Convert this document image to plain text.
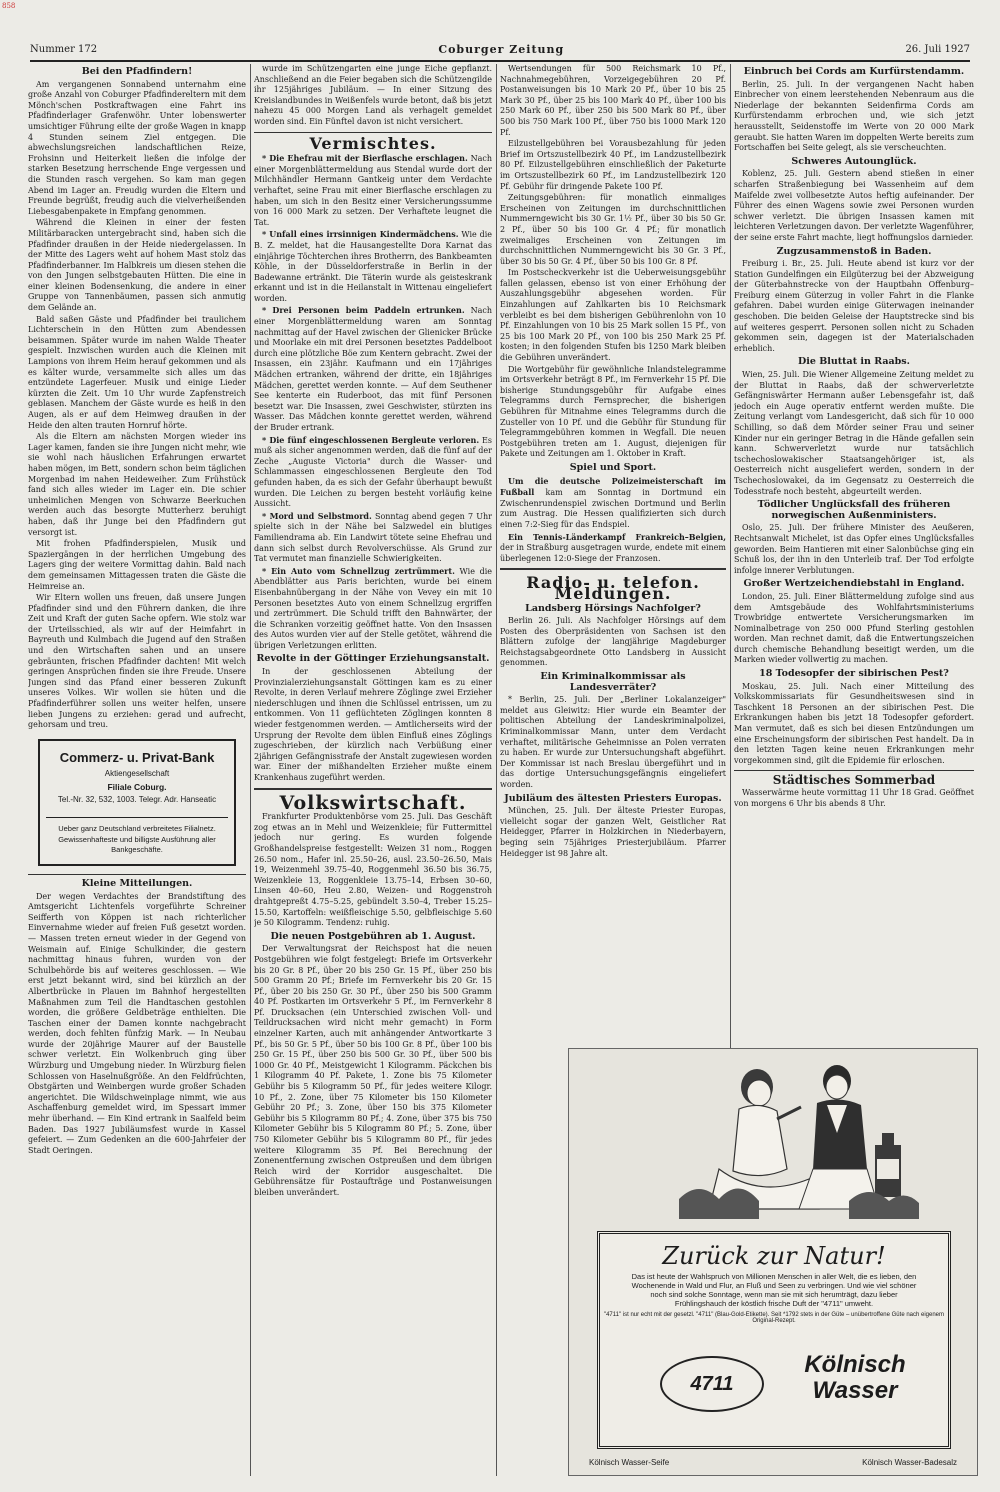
858
Nummer 172	Coburger Zeitung	26. Juli 1927
Bei den Pfadfindern!

Am vergangenen Sonnabend unternahm eine große Anzahl von Coburger Pfadfindereltern mit dem Mönch'schen Postkraftwagen eine Fahrt ins Pfadfinderlager Grafenwöhr. Unter lobenswerter umsichtiger Führung eilte der große Wagen in knapp 4 Stunden seinem Ziel entgegen. Die abwechslungsreichen landschaftlichen Reize, Frohsinn und Heiterkeit ließen die infolge der starken Besetzung herrschende Enge vergessen und die Stunden rasch vergehen. So kam man gegen Abend im Lager an. Freudig wurden die Eltern und Freunde begrüßt, freudig auch die vielverheißenden Liebesgabenpakete in Empfang genommen.

Während die Kleinen in einer der festen Militärbaracken untergebracht sind, haben sich die Pfadfinder draußen in der Heide niedergelassen. In der Mitte des Lagers weht auf hohem Mast stolz das Pfadfinderbanner. Im Halbkreis um diesen stehen die von den Jungen selbstgebauten Hütten. Die eine in einer kleinen Bodensenkung, die andere in einer Gruppe von Tannenbäumen, passen sich anmutig dem Gelände an.

Bald saßen Gäste und Pfadfinder bei traulichem Lichterschein in den Hütten zum Abendessen beisammen. Später wurde im nahen Walde Theater gespielt. Inzwischen wurden auch die Kleinen mit Lampions von ihrem Heim herauf gekommen und als es kälter wurde, versammelte sich alles um das entzündete Lagerfeuer. Musik und einige Lieder kürzten die Zeit. Um 10 Uhr wurde Zapfenstreich geblasen. Manchem der Gäste wurde es heiß in den Augen, als er auf dem Heimweg draußen in der Heide den alten trauten Hornruf hörte.

Als die Eltern am nächsten Morgen wieder ins Lager kamen, fanden sie ihre Jungen nicht mehr, wie sie wohl nach häuslichen Erfahrungen erwartet haben mögen, im Bett, sondern schon beim täglichen Morgenbad im nahen Heideweiher. Zum Frühstück fand sich alles wieder im Lager ein. Die schier unheimlichen Mengen von Schwarze Beerkuchen werden auch das besorgte Mutterherz beruhigt haben, daß ihr Junge bei den Pfadfindern gut versorgt ist.

Mit frohen Pfadfinderspielen, Musik und Spaziergängen in der herrlichen Umgebung des Lagers ging der weitere Vormittag dahin. Bald nach dem gemeinsamen Mittagessen traten die Gäste die Heimreise an.

Wir Eltern wollen uns freuen, daß unsere Jungen Pfadfinder sind und den Führern danken, die ihre Zeit und Kraft der guten Sache opfern. Wie stolz war der Urteilsschied, als wir auf der Heimfahrt in Bayreuth und Kulmbach die Jugend auf den Straßen und den Wirtschaften sahen und an unsere gebräunten, frischen Pfadfinder dachten! Mit welch geringen Ansprüchen finden sie ihre Freude. Unsere Jungen sind das Pfand einer besseren Zukunft unseres Volkes. Wir wollen sie hüten und die Pfadfinderführer sollen uns weiter helfen, unsere lieben Jungens zu erziehen: gerad und aufrecht, gehorsam und treu.

Commerz- u. Privat-Bank
Aktiengesellschaft
Filiale Coburg.
Tel.-Nr. 32, 532, 1003. Telegr. Adr. Hanseatic
Ueber ganz Deutschland verbreitetes Filialnetz. Gewissenhafteste und billigste Ausführung aller Bankgeschäfte.
Kleine Mitteilungen.

Der wegen Verdachtes der Brandstiftung des Amtsgericht Lichtenfels vorgeführte Schreiner Seifferth von Köppen ist nach richterlicher Einvernahme wieder auf freien Fuß gesetzt worden. — Massen treten erneut wieder in der Gegend von Weismain auf. Einige Schulkinder, die gestern nachmittag hinaus fuhren, wurden von der Schulbehörde bis auf weiteres geschlossen. — Wie erst jetzt bekannt wird, sind bei kürzlich an der Albertbrücke in Plauen im Bahnhof hergestellten Maßnahmen zum Teil die Handtaschen gestohlen worden, die größere Geldbeträge enthielten. Die Taschen einer der Damen konnte nachgebracht werden, doch fehlten fünfzig Mark. — In Neubau wurde der 20jährige Maurer auf der Baustelle schwer verletzt. Ein Wolkenbruch ging über Würzburg und Umgebung nieder. In Würzburg fielen Schlossen von Haselnußgröße. An den Feldfrüchten, Obstgärten und Weinbergen wurde großer Schaden angerichtet. Die Wildschweinplage nimmt, wie aus Aschaffenburg gemeldet wird, im Spessart immer mehr überhand. — Ein Kind ertrank in Saalfeld beim Baden. Das 1927 Jubiläumsfest wurde in Kassel gefeiert. — Zum Gedenken an die 600-Jahrfeier der Stadt Oeringen.

wurde im Schützengarten eine junge Eiche gepflanzt. Anschließend an die Feier begaben sich die Schützengilde ihr 125jähriges Jubiläum. — In einer Sitzung des Kreislandbundes in Weißenfels wurde betont, daß bis jetzt nahezu 45 000 Morgen Land als verhagelt gemeldet worden sind. Ein Fünftel davon ist nicht versichert.

Vermischtes.

* Die Ehefrau mit der Bierflasche erschlagen. Nach einer Morgenblättermeldung aus Stendal wurde dort der Milchhändler Hermann Gantkeig unter dem Verdachte verhaftet, seine Frau mit einer Bierflasche erschlagen zu haben, um sich in den Besitz einer Versicherungssumme von 16 000 Mark zu setzen. Der Verhaftete leugnet die Tat.

* Unfall eines irrsinnigen Kindermädchens. Wie die B. Z. meldet, hat die Hausangestellte Dora Karnat das einjährige Töchterchen ihres Brotherrn, des Bankbeamten Köhle, in der Düsseldorferstraße in Berlin in der Badewanne ertränkt. Die Täterin wurde als geisteskrank erkannt und ist in die Heilanstalt in Wittenau eingeliefert worden.

* Drei Personen beim Paddeln ertrunken. Nach einer Morgenblättermeldung waren am Sonntag nachmittag auf der Havel zwischen der Glienicker Brücke und Moorlake ein mit drei Personen besetztes Paddelboot durch eine plötzliche Böe zum Kentern gebracht. Zwei der Insassen, ein 23jähr. Kaufmann und ein 17jähriges Mädchen ertranken, während der dritte, ein 18jähriges Mädchen, gerettet werden konnte. — Auf dem Seuthener See kenterte ein Ruderboot, das mit fünf Personen besetzt war. Die Insassen, zwei Geschwister, stürzten ins Wasser. Das Mädchen konnte gerettet werden, während der Bruder ertrank.

* Die fünf eingeschlossenen Bergleute verloren. Es muß als sicher angenommen werden, daß die fünf auf der Zeche „Auguste Victoria" durch die Wasser- und Schlammassen eingeschlossenen Bergleute den Tod gefunden haben, da es sich der Gefahr überhaupt bewußt wurden. Die Leichen zu bergen besteht vorläufig keine Aussicht.

* Mord und Selbstmord. Sonntag abend gegen 7 Uhr spielte sich in der Nähe bei Salzwedel ein blutiges Familiendrama ab. Ein Landwirt tötete seine Ehefrau und dann sich selbst durch Revolverschüsse. Als Grund zur Tat vermutet man finanzielle Schwierigkeiten.

* Ein Auto vom Schnellzug zertrümmert. Wie die Abendblätter aus Paris berichten, wurde bei einem Eisenbahnübergang in der Nähe von Vevey ein mit 10 Personen besetztes Auto von einem Schnellzug ergriffen und zertrümmert. Die Schuld trifft den Bahnwärter, der die Schranken vorzeitig geöffnet hatte. Von den Insassen des Autos wurden vier auf der Stelle getötet, während die übrigen Verletzungen erlitten.

Revolte in der Göttinger Erziehungsanstalt.

In der geschlossenen Abteilung der Provinzialerziehungsanstalt Göttingen kam es zu einer Revolte, in deren Verlauf mehrere Zöglinge zwei Erzieher niederschlugen und ihnen die Schlüssel entrissen, um zu entkommen. Von 11 geflüchteten Zöglingen konnten 8 wieder festgenommen werden. — Amtlicherseits wird der Ursprung der Revolte dem üblen Einfluß eines Zöglings zugeschrieben, der kürzlich nach Verbüßung einer 2jährigen Gefängnisstrafe der Anstalt zugewiesen worden war. Einer der mißhandelten Erzieher mußte einem Krankenhaus zugeführt werden.

Volkswirtschaft.

Frankfurter Produktenbörse vom 25. Juli. Das Geschäft zog etwas an in Mehl und Weizenkleie; für Futtermittel jedoch nur gering. Es wurden folgende Großhandelspreise festgestellt: Weizen 31 nom., Roggen 26.50 nom., Hafer inl. 25.50–26, ausl. 23.50–26.50, Mais 19, Weizenmehl 39.75–40, Roggenmehl 36.50 bis 36.75, Weizenkleie 13, Roggenkleie 13.75–14, Erbsen 30–60, Linsen 40–60, Heu 2.80, Weizen- und Roggenstroh drahtgepreßt 4.75–5.25, gebündelt 3.50–4, Treber 15.25–15.50, Kartoffeln: weißfleischige 5.50, gelbfleischige 5.60 je 50 Kilogramm. Tendenz: ruhig.

Die neuen Postgebühren ab 1. August.

Der Verwaltungsrat der Reichspost hat die neuen Postgebühren wie folgt festgelegt: Briefe im Ortsverkehr bis 20 Gr. 8 Pf., über 20 bis 250 Gr. 15 Pf., über 250 bis 500 Gramm 20 Pf.; Briefe im Fernverkehr bis 20 Gr. 15 Pf., über 20 bis 250 Gr. 30 Pf., über 250 bis 500 Gramm 40 Pf. Postkarten im Ortsverkehr 5 Pf., im Fernverkehr 8 Pf. Drucksachen (ein Unterschied zwischen Voll- und Teildrucksachen wird nicht mehr gemacht) in Form einzelner Karten, auch mit anhängender Antwortkarte 3 Pf., bis 50 Gr. 5 Pf., über 50 bis 100 Gr. 8 Pf., über 100 bis 250 Gr. 15 Pf., über 250 bis 500 Gr. 30 Pf., über 500 bis 1000 Gr. 40 Pf., Meistgewicht 1 Kilogramm. Päckchen bis 1 Kilogramm 40 Pf. Pakete, 1. Zone bis 75 Kilometer Gebühr bis 5 Kilogramm 50 Pf., für jedes weitere Kilogr. 10 Pf., 2. Zone, über 75 Kilometer bis 150 Kilometer Gebühr 20 Pf.; 3. Zone, über 150 bis 375 Kilometer Gebühr bis 5 Kilogramm 80 Pf.; 4. Zone, über 375 bis 750 Kilometer Gebühr bis 5 Kilogramm 80 Pf.; 5. Zone, über 750 Kilometer Gebühr bis 5 Kilogramm 80 Pf., für jedes weitere Kilogramm 35 Pf. Bei Berechnung der Zonenentfernung zwischen Ostpreußen und dem übrigen Reich wird der Korridor ausgeschaltet. Die Gebührensätze für Postaufträge und Postanweisungen bleiben unverändert.

Wertsendungen für 500 Reichsmark 10 Pf., Nachnahmegebühren, Vorzeigegebühren 20 Pf. Postanweisungen bis 10 Mark 20 Pf., über 10 bis 25 Mark 30 Pf., über 25 bis 100 Mark 40 Pf., über 100 bis 250 Mark 60 Pf., über 250 bis 500 Mark 80 Pf., über 500 bis 750 Mark 100 Pf., über 750 bis 1000 Mark 120 Pf.

Eilzustellgebühren bei Vorausbezahlung für jeden Brief im Ortszustellbezirk 40 Pf., im Landzustellbezirk 80 Pf. Eilzustellgebühren einschließlich der Paketurte im Ortszustellbezirk 60 Pf., im Landzustellbezirk 120 Pf. Gebühr für dringende Pakete 100 Pf.

Zeitungsgebühren: für monatlich einmaliges Erscheinen von Zeitungen im durchschnittlichen Nummerngewicht bis 30 Gr. 1½ Pf., über 30 bis 50 Gr. 2 Pf., über 50 bis 100 Gr. 4 Pf.; für monatlich zweimaliges Erscheinen von Zeitungen im durchschnittlichen Nummerngewicht bis 30 Gr. 3 Pf., über 30 bis 50 Gr. 4 Pf., über 50 bis 100 Gr. 8 Pf.

Im Postscheckverkehr ist die Ueberweisungsgebühr fallen gelassen, ebenso ist von einer Erhöhung der Auszahlungsgebühr abgesehen worden. Für Einzahlungen auf Zahlkarten bis 10 Reichsmark verbleibt es bei dem bisherigen Gebührenlohn von 10 Pf. Einzahlungen von 10 bis 25 Mark sollen 15 Pf., von 25 bis 100 Mark 20 Pf., von 100 bis 250 Mark 25 Pf. kosten; in den folgenden Stufen bis 1250 Mark bleiben die Gebühren unverändert.

Die Wortgebühr für gewöhnliche Inlandstelegramme im Ortsverkehr beträgt 8 Pf., im Fernverkehr 15 Pf. Die bisherige Stundungsgebühr für Aufgabe eines Telegramms durch Fernsprecher, die bisherigen Gebühren für Mitnahme eines Telegramms durch die Zusteller von 10 Pf. und die Gebühr für Stundung für Telegrammgebühren kommen in Wegfall. Die neuen Postgebühren treten am 1. August, diejenigen für Pakete und Zeitungen am 1. Oktober in Kraft.

Spiel und Sport.

Um die deutsche Polizeimeisterschaft im Fußball kam am Sonntag in Dortmund ein Zwischenrundenspiel zwischen Dortmund und Berlin zum Austrag. Die Hessen qualifizierten sich durch einen 7:2-Sieg für das Endspiel.

Ein Tennis-Länderkampf Frankreich–Belgien, der in Straßburg ausgetragen wurde, endete mit einem überlegenen 12:0-Siege der Franzosen.

Radio- u. telefon. Meldungen.
Landsberg Hörsings Nachfolger?

Berlin 26. Juli. Als Nachfolger Hörsings auf dem Posten des Oberpräsidenten von Sachsen ist den Blättern zufolge der langjährige Magdeburger Reichstagsabgeordnete Otto Landsberg in Aussicht genommen.

Ein Kriminalkommissar als Landesverräter?

* Berlin, 25. Juli. Der „Berliner Lokalanzeiger" meldet aus Gleiwitz: Hier wurde ein Beamter der politischen Abteilung der Landeskriminalpolizei, Kriminalkommissar Mann, unter dem Verdacht verhaftet, militärische Geheimnisse an Polen verraten zu haben. Er wurde zur Untersuchungshaft abgeführt. Der Kommissar ist nach Breslau übergeführt und in das dortige Untersuchungsgefängnis eingeliefert worden.

Jubiläum des ältesten Priesters Europas.

München, 25. Juli. Der älteste Priester Europas, vielleicht sogar der ganzen Welt, Geistlicher Rat Heidegger, Pfarrer in Holzkirchen in Niederbayern, beging sein 75jähriges Priesterjubiläum. Pfarrer Heidegger ist 98 Jahre alt.

Einbruch bei Cords am Kurfürstendamm.

Berlin, 25. Juli. In der vergangenen Nacht haben Einbrecher von einem leerstehenden Nebenraum aus die Niederlage der bekannten Seidenfirma Cords am Kurfürstendamm erbrochen und, wie sich jetzt herausstellt, Seidenstoffe im Werte von 20 000 Mark geraubt. Sie hatten Waren im doppelten Werte bereits zum Fortschaffen bei Seite gelegt, als sie verscheuchten.

Schweres Autounglück.

Koblenz, 25. Juli. Gestern abend stießen in einer scharfen Straßenbiegung bei Wassenheim auf dem Maifelde zwei vollbesetzte Autos heftig aufeinander. Der Führer des einen Wagens sowie zwei Personen wurden schwer verletzt. Die übrigen Insassen kamen mit leichteren Verletzungen davon. Der verletzte Wagenführer, der seine erste Fahrt machte, liegt hoffnungslos darnieder.

Zugzusammenstoß in Baden.

Freiburg i. Br., 25. Juli. Heute abend ist kurz vor der Station Gundelfingen ein Eilgüterzug bei der Abzweigung der Güterbahnstrecke von der Hauptbahn Offenburg–Freiburg einem Güterzug in voller Fahrt in die Flanke gefahren. Dabei wurden einige Güterwagen ineinander geschoben. Die beiden Geleise der Hauptstrecke sind bis auf weiteres gesperrt. Personen sollen nicht zu Schaden gekommen sein, dagegen ist der Materialschaden erheblich.

Die Bluttat in Raabs.

Wien, 25. Juli. Die Wiener Allgemeine Zeitung meldet zu der Bluttat in Raabs, daß der schwerverletzte Gefängniswärter Hermann außer Lebensgefahr ist, daß jedoch ein Auge operativ entfernt werden mußte. Die Zeitung verlangt vom Landesgericht, daß sich für 10 000 Schilling, so daß dem Mörder seiner Frau und seiner Kinder nur ein geringer Betrag in die Hände gefallen sein kann. Schwerverletzt wurde nur tatsächlich tschechoslowakischer Staatsangehöriger ist, als Oesterreich nicht ausgeliefert werden, sondern in der Tschechoslowakei, da im Gegensatz zu Oesterreich die Todesstrafe noch besteht, abgeurteilt werden.

Tödlicher Unglücksfall des früheren norwegischen Außenministers.

Oslo, 25. Juli. Der frühere Minister des Aeußeren, Rechtsanwalt Michelet, ist das Opfer eines Unglücksfalles geworden. Beim Hantieren mit einer Salonbüchse ging ein Schuß los, der ihn in den Unterleib traf. Der Tod erfolgte infolge innerer Verblutungen.

Großer Wertzeichendiebstahl in England.

London, 25. Juli. Einer Blättermeldung zufolge sind aus dem Amtsgebäude des Wohlfahrtsministeriums Trowbridge entwertete Versicherungsmarken im Nominalbetrage von 250 000 Pfund Sterling gestohlen worden. Man rechnet damit, daß die Entwertungszeichen durch chemische Behandlung beseitigt werden, um die Marken wieder vollwertig zu machen.

18 Todesopfer der sibirischen Pest?

Moskau, 25. Juli. Nach einer Mitteilung des Volkskommissariats für Gesundheitswesen sind in Taschkent 18 Personen an der sibirischen Pest. Die Erkrankungen haben bis jetzt 18 Todesopfer gefordert. Man vermutet, daß es sich bei diesen Entzündungen um eine Erscheinungsform der sibirischen Pest handelt. Da in den letzten Tagen keine neuen Erkrankungen mehr vorgekommen sind, gilt die Epidemie für erloschen.

Städtisches Sommerbad

Wasserwärme heute vormittag 11 Uhr 18 Grad. Geöffnet von morgens 6 Uhr bis abends 8 Uhr.

Zurück zur Natur!
Das ist heute der Wahlspruch von Millionen Menschen in aller Welt, die es lieben, den Wochenende in Wald und Flur, an Fluß und Seen zu verbringen. Und wie viel schöner noch sind solche Sonntage, wenn man sie mit sich herumträgt, dazu lieber Frühlingshauch der köstlich frische Duft der "4711" umweht.
"4711" ist nur echt mit der gesetzl. "4711" (Blau-Gold-Etikette). Seit *1792 stets in der Güte – unübertroffene Güte nach eigenem Original-Rezept.
4711
Kölnisch Wasser
Kölnisch Wasser-Seife	Kölnisch Wasser-Badesalz
